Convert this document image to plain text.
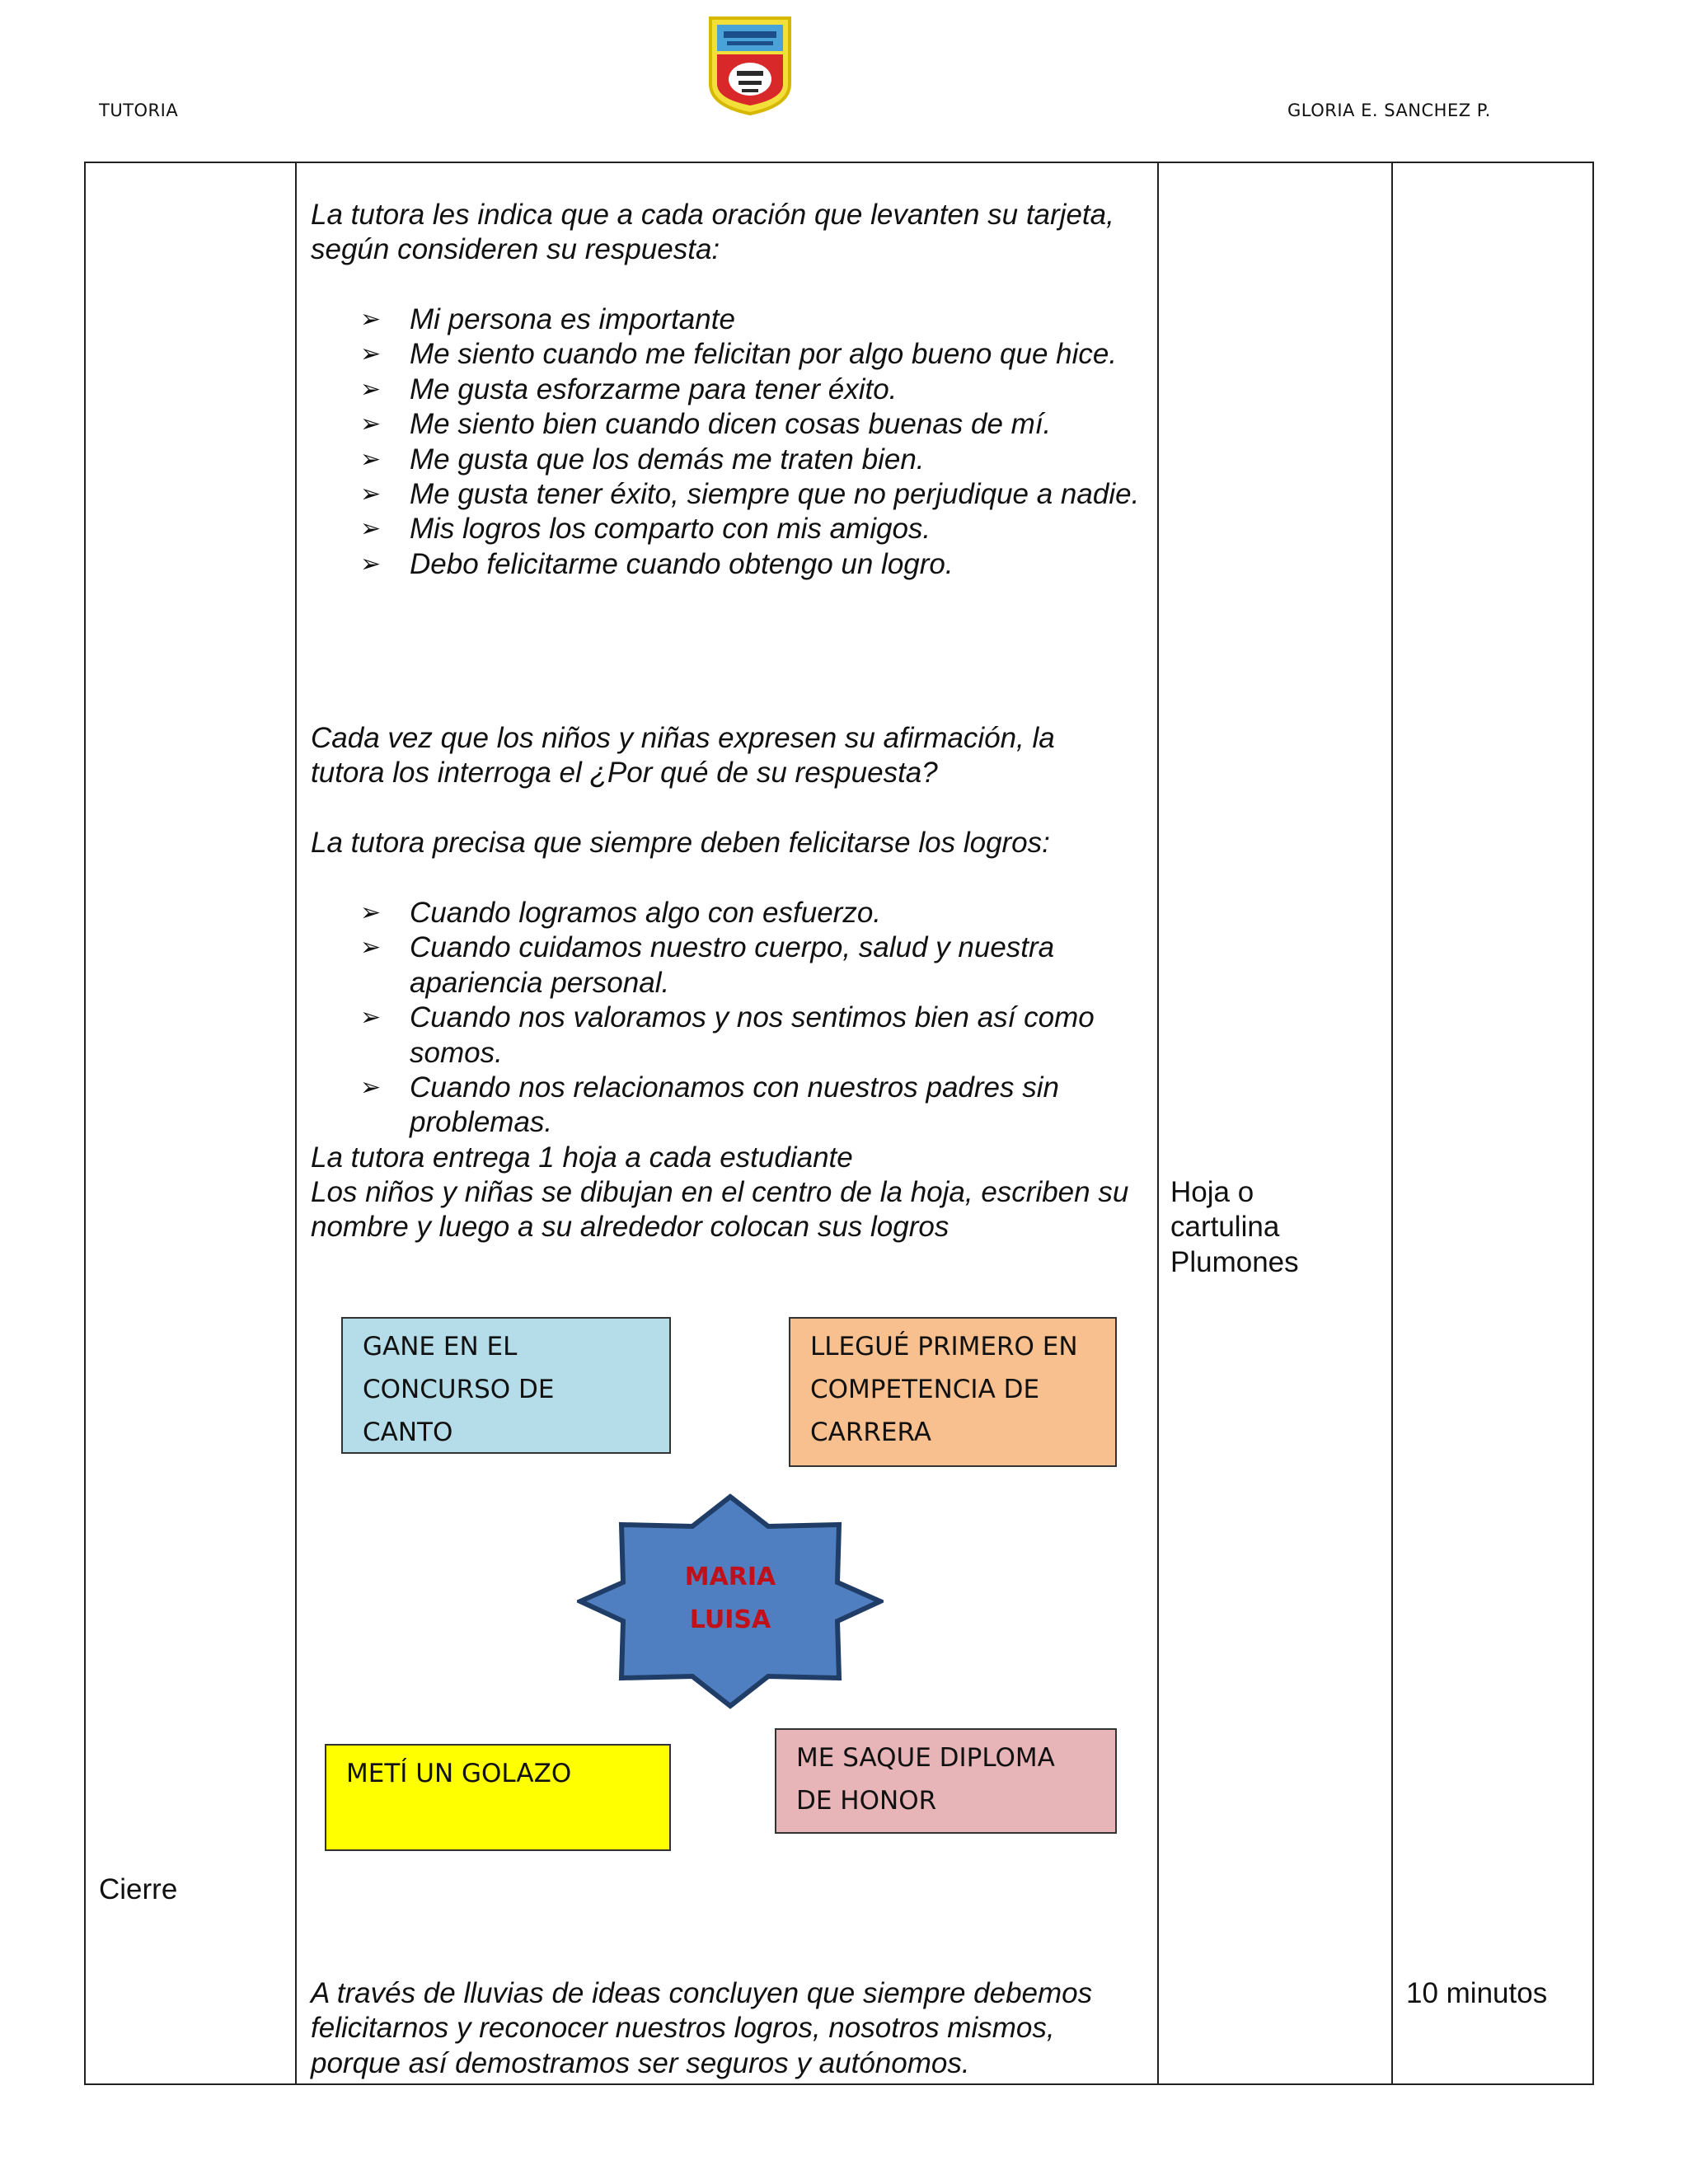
TUTORIA	GLORIA E. SANCHEZ P.
Cierre
La tutora les indica que a cada oración que levanten su tarjeta, según consideren su respuesta:
➢ Mi persona es importante
➢ Me siento cuando me felicitan por algo bueno que hice.
➢ Me gusta esforzarme para tener éxito.
➢ Me siento bien cuando dicen cosas buenas de mí.
➢ Me gusta que los demás me traten bien.
➢ Me gusta tener éxito, siempre que no perjudique a nadie.
➢ Mis logros los comparto con mis amigos.
➢ Debo felicitarme cuando obtengo un logro.
Cada vez que los niños y niñas expresen su afirmación, la tutora los interroga el ¿Por qué de su respuesta?
La tutora precisa que siempre deben felicitarse los logros:
➢ Cuando logramos algo con esfuerzo.
➢ Cuando cuidamos nuestro cuerpo, salud y nuestra apariencia personal.
➢ Cuando nos valoramos y nos sentimos bien así como somos.
➢ Cuando nos relacionamos con nuestros padres sin problemas.
La tutora entrega 1 hoja a cada estudiante
Los niños y niñas se dibujan en el centro de la hoja, escriben su nombre y luego a su alrededor colocan sus logros
Hoja o
cartulina
Plumones
GANE EN EL
CONCURSO DE CANTO
LLEGUÉ PRIMERO EN
COMPETENCIA DE
CARRERA
MARIA
LUISA
METÍ UN GOLAZO
ME SAQUE DIPLOMA
DE HONOR
A través de lluvias de ideas concluyen que siempre debemos felicitarnos y reconocer nuestros logros, nosotros mismos, porque así demostramos ser seguros y autónomos.
10 minutos
